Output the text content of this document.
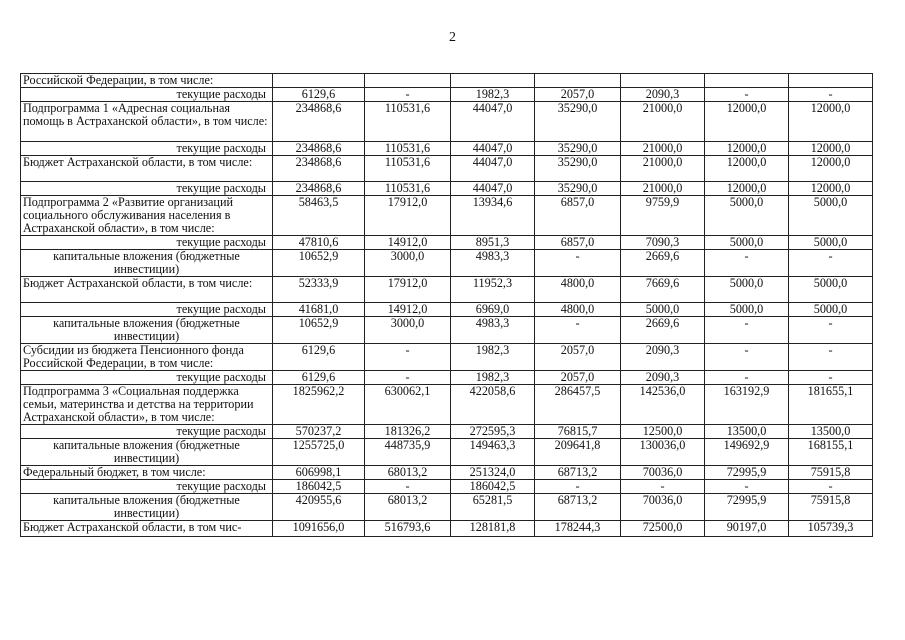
2
Российской Федерации, в том числе:							
текущие расходы	6129,6	-	1982,3	2057,0	2090,3	-	-
Подпрограмма 1 «Адресная социальная помощь в Астраханской области», в том числе:	234868,6	110531,6	44047,0	35290,0	21000,0	12000,0	12000,0
текущие расходы	234868,6	110531,6	44047,0	35290,0	21000,0	12000,0	12000,0
Бюджет Астраханской области, в том числе:	234868,6	110531,6	44047,0	35290,0	21000,0	12000,0	12000,0
текущие расходы	234868,6	110531,6	44047,0	35290,0	21000,0	12000,0	12000,0
Подпрограмма 2 «Развитие организаций социального обслуживания населения в Астраханской области», в том числе:	58463,5	17912,0	13934,6	6857,0	9759,9	5000,0	5000,0
текущие расходы	47810,6	14912,0	8951,3	6857,0	7090,3	5000,0	5000,0
капитальные вложения (бюджетные инвестиции)	10652,9	3000,0	4983,3	-	2669,6	-	-
Бюджет Астраханской области, в том числе:	52333,9	17912,0	11952,3	4800,0	7669,6	5000,0	5000,0
текущие расходы	41681,0	14912,0	6969,0	4800,0	5000,0	5000,0	5000,0
капитальные вложения (бюджетные инвестиции)	10652,9	3000,0	4983,3	-	2669,6	-	-
Субсидии из бюджета Пенсионного фонда Российской Федерации, в том числе:	6129,6	-	1982,3	2057,0	2090,3	-	-
текущие расходы	6129,6	-	1982,3	2057,0	2090,3	-	-
Подпрограмма 3 «Социальная поддержка семьи, материнства и детства на территории Астраханской области», в том числе:	1825962,2	630062,1	422058,6	286457,5	142536,0	163192,9	181655,1
текущие расходы	570237,2	181326,2	272595,3	76815,7	12500,0	13500,0	13500,0
капитальные вложения (бюджетные инвестиции)	1255725,0	448735,9	149463,3	209641,8	130036,0	149692,9	168155,1
Федеральный бюджет, в том числе:	606998,1	68013,2	251324,0	68713,2	70036,0	72995,9	75915,8
текущие расходы	186042,5	-	186042,5	-	-	-	-
капитальные вложения (бюджетные инвестиции)	420955,6	68013,2	65281,5	68713,2	70036,0	72995,9	75915,8
Бюджет Астраханской области, в том чис-	1091656,0	516793,6	128181,8	178244,3	72500,0	90197,0	105739,3
